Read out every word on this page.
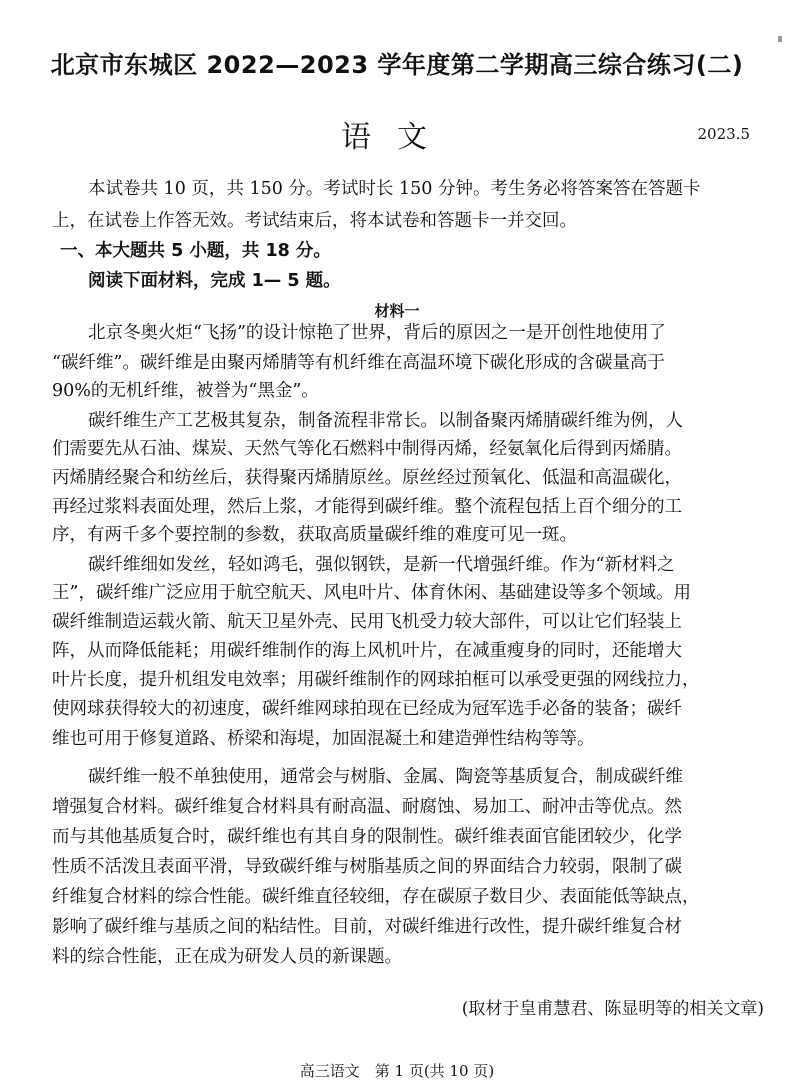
北京市东城区 2022—2023 学年度第二学期高三综合练习(二)
语文	2023.5
本试卷共 10 页，共 150 分。考试时长 150 分钟。考生务必将答案答在答题卡
上，在试卷上作答无效。考试结束后，将本试卷和答题卡一并交回。
一、本大题共 5 小题，共 18 分。
阅读下面材料，完成 1— 5 题。
材料一
北京冬奥火炬“飞扬”的设计惊艳了世界，背后的原因之一是开创性地使用了
“碳纤维”。碳纤维是由聚丙烯腈等有机纤维在高温环境下碳化形成的含碳量高于
90%的无机纤维，被誉为“黑金”。
碳纤维生产工艺极其复杂，制备流程非常长。以制备聚丙烯腈碳纤维为例，人
们需要先从石油、煤炭、天然气等化石燃料中制得丙烯，经氨氧化后得到丙烯腈。
丙烯腈经聚合和纺丝后，获得聚丙烯腈原丝。原丝经过预氧化、低温和高温碳化，
再经过浆料表面处理，然后上浆，才能得到碳纤维。整个流程包括上百个细分的工
序，有两千多个要控制的参数，获取高质量碳纤维的难度可见一斑。
碳纤维细如发丝，轻如鸿毛，强似钢铁，是新一代增强纤维。作为“新材料之
王”，碳纤维广泛应用于航空航天、风电叶片、体育休闲、基础建设等多个领域。用
碳纤维制造运载火箭、航天卫星外壳、民用飞机受力较大部件，可以让它们轻装上
阵，从而降低能耗；用碳纤维制作的海上风机叶片，在减重瘦身的同时，还能增大
叶片长度，提升机组发电效率；用碳纤维制作的网球拍框可以承受更强的网线拉力，
使网球获得较大的初速度，碳纤维网球拍现在已经成为冠军选手必备的装备；碳纤
维也可用于修复道路、桥梁和海堤，加固混凝土和建造弹性结构等等。
碳纤维一般不单独使用，通常会与树脂、金属、陶瓷等基质复合，制成碳纤维
增强复合材料。碳纤维复合材料具有耐高温、耐腐蚀、易加工、耐冲击等优点。然
而与其他基质复合时，碳纤维也有其自身的限制性。碳纤维表面官能团较少，化学
性质不活泼且表面平滑，导致碳纤维与树脂基质之间的界面结合力较弱，限制了碳
纤维复合材料的综合性能。碳纤维直径较细，存在碳原子数目少、表面能低等缺点，
影响了碳纤维与基质之间的粘结性。目前，对碳纤维进行改性，提升碳纤维复合材
料的综合性能，正在成为研发人员的新课题。
(取材于皇甫慧君、陈显明等的相关文章)
高三语文　第 1 页(共 10 页)
